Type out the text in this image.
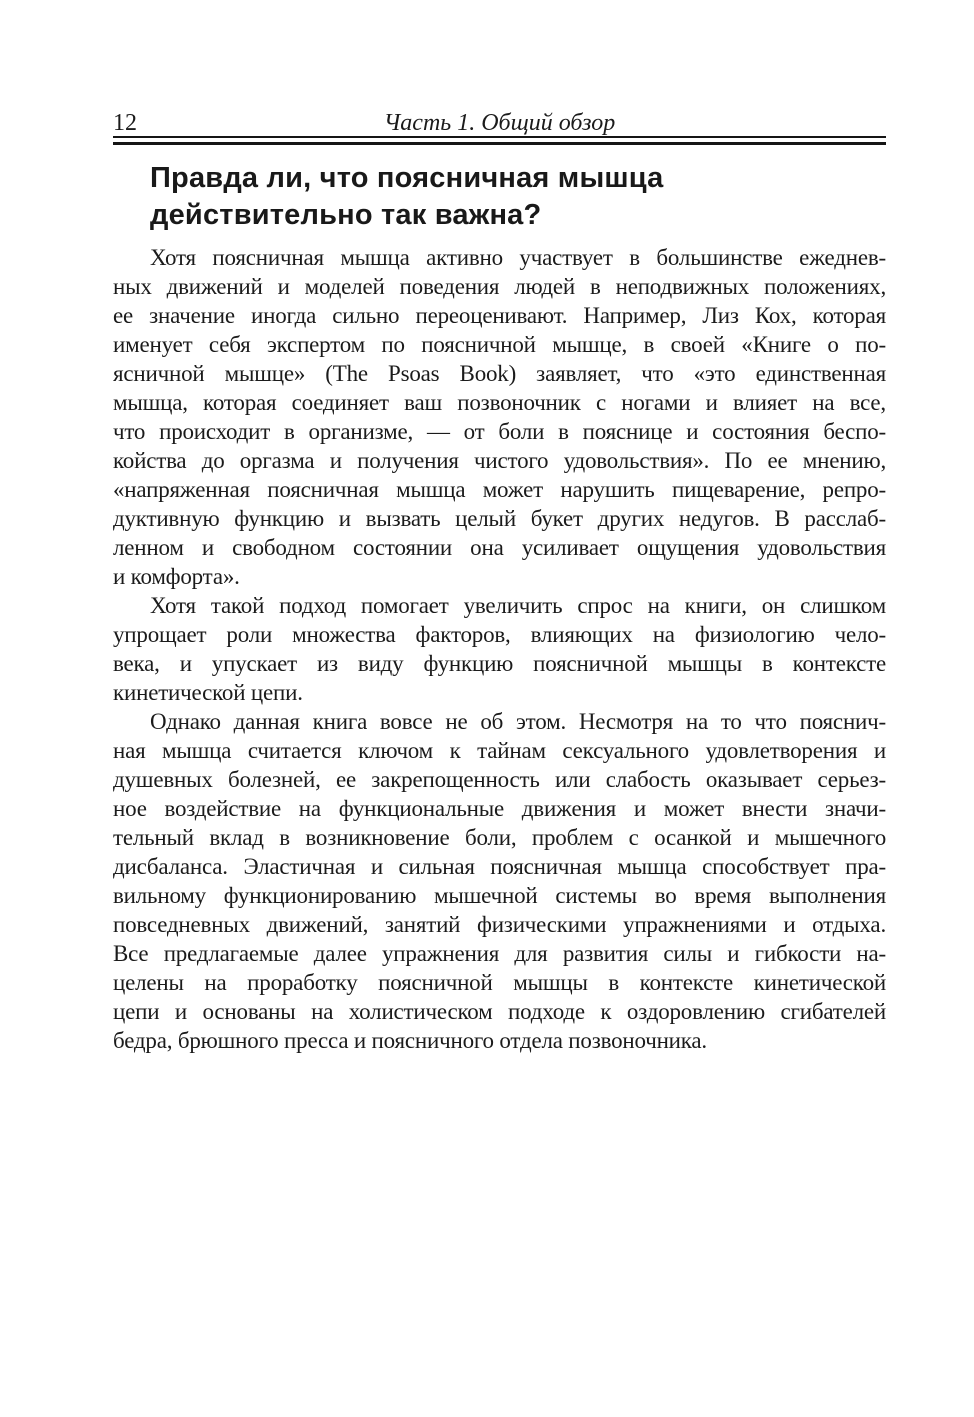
12	Часть 1. Общий обзор
Правда ли, что поясничная мышца
действительно так важна?
Хотя поясничная мышца активно участвует в большинстве ежеднев-
ных движений и моделей поведения людей в неподвижных положениях,
ее значение иногда сильно переоценивают. Например, Лиз Кох, которая
именует себя экспертом по поясничной мышце, в своей «Книге о по-
ясничной мышце» (The Psoas Book) заявляет, что «это единственная
мышца, которая соединяет ваш позвоночник с ногами и влияет на все,
что происходит в организме, — от боли в пояснице и состояния беспо-
койства до оргазма и получения чистого удовольствия». По ее мнению,
«напряженная поясничная мышца может нарушить пищеварение, репро-
дуктивную функцию и вызвать целый букет других недугов. В расслаб-
ленном и свободном состоянии она усиливает ощущения удовольствия
и комфорта».
Хотя такой подход помогает увеличить спрос на книги, он слишком
упрощает роли множества факторов, влияющих на физиологию чело-
века, и упускает из виду функцию поясничной мышцы в контексте
кинетической цепи.
Однако данная книга вовсе не об этом. Несмотря на то что пояснич-
ная мышца считается ключом к тайнам сексуального удовлетворения и
душевных болезней, ее закрепощенность или слабость оказывает серьез-
ное воздействие на функциональные движения и может внести значи-
тельный вклад в возникновение боли, проблем с осанкой и мышечного
дисбаланса. Эластичная и сильная поясничная мышца способствует пра-
вильному функционированию мышечной системы во время выполнения
повседневных движений, занятий физическими упражнениями и отдыха.
Все предлагаемые далее упражнения для развития силы и гибкости на-
целены на проработку поясничной мышцы в контексте кинетической
цепи и основаны на холистическом подходе к оздоровлению сгибателей
бедра, брюшного пресса и поясничного отдела позвоночника.
